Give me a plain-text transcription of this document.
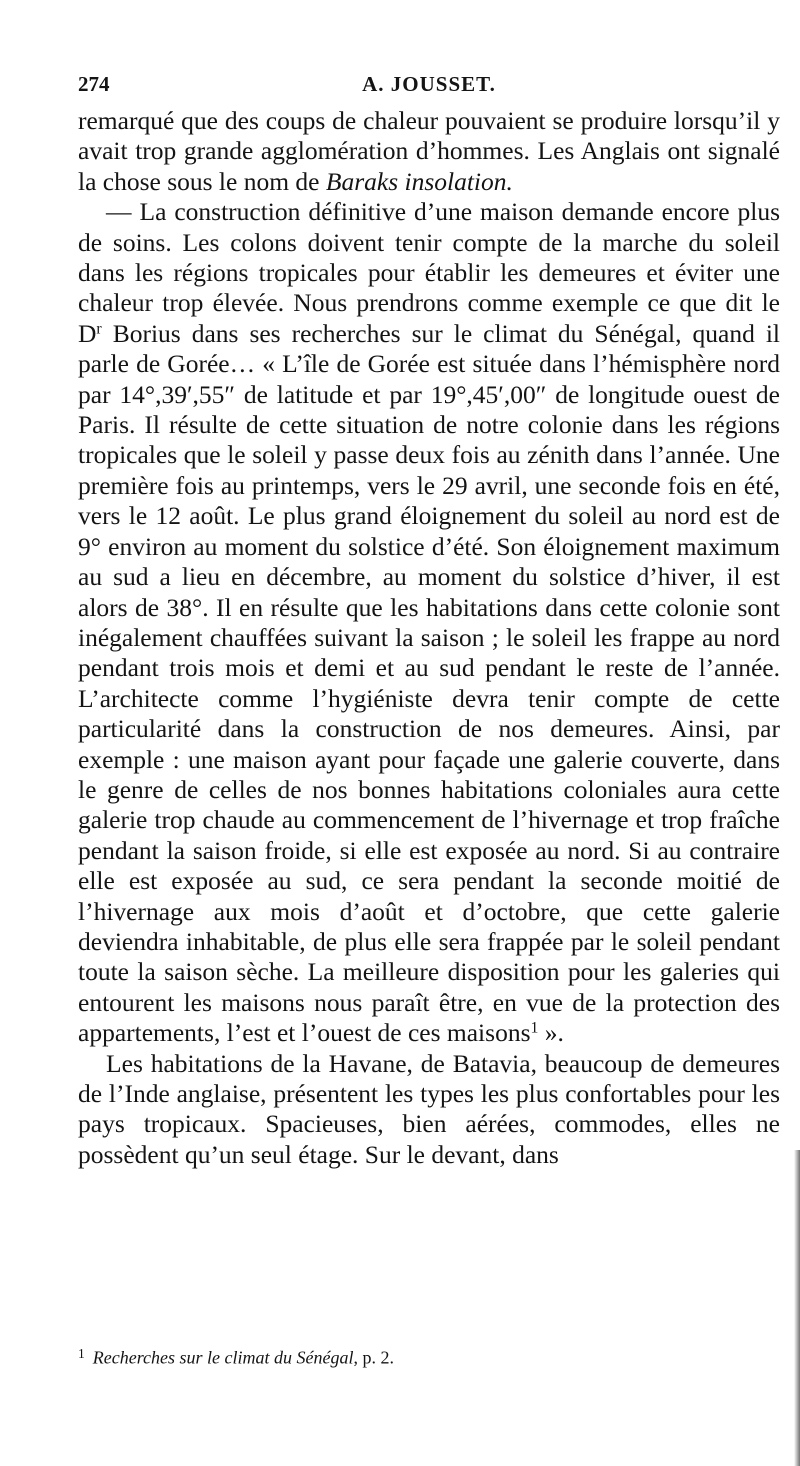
274	A. JOUSSET.

remarqué que des coups de chaleur pouvaient se produire lorsqu’il y avait trop grande agglomération d’hommes. Les Anglais ont signalé la chose sous le nom de Baraks insolation.

— La construction définitive d’une maison demande encore plus de soins. Les colons doivent tenir compte de la marche du soleil dans les régions tropicales pour établir les demeures et éviter une chaleur trop élevée. Nous prendrons comme exemple ce que dit le $D^r$ Borius dans ses recherches sur le climat du Sénégal, quand il parle de Gorée… « L’île de Gorée est située dans l’hémisphère nord par 14°,39′,55″ de latitude et par 19°,45′,00″ de longitude ouest de Paris. Il résulte de cette situation de notre colonie dans les régions tropicales que le soleil y passe deux fois au zénith dans l’année. Une première fois au printemps, vers le 29 avril, une seconde fois en été, vers le 12 août. Le plus grand éloignement du soleil au nord est de 9° environ au moment du solstice d’été. Son éloignement maximum au sud a lieu en décembre, au moment du solstice d’hiver, il est alors de 38°. Il en résulte que les habitations dans cette colonie sont inégalement chauffées suivant la saison ; le soleil les frappe au nord pendant trois mois et demi et au sud pendant le reste de l’année. L’architecte comme l’hygiéniste devra tenir compte de cette particularité dans la construction de nos demeures. Ainsi, par exemple : une maison ayant pour façade une galerie couverte, dans le genre de celles de nos bonnes habitations coloniales aura cette galerie trop chaude au commencement de l’hivernage et trop fraîche pendant la saison froide, si elle est exposée au nord. Si au contraire elle est exposée au sud, ce sera pendant la seconde moitié de l’hivernage aux mois d’août et d’octobre, que cette galerie deviendra inhabitable, de plus elle sera frappée par le soleil pendant toute la saison sèche. La meilleure disposition pour les galeries qui entourent les maisons nous paraît être, en vue de la protection des appartements, l’est et l’ouest de ces maisons$^1$ ».

Les habitations de la Havane, de Batavia, beaucoup de demeures de l’Inde anglaise, présentent les types les plus confortables pour les pays tropicaux. Spacieuses, bien aérées, commodes, elles ne possèdent qu’un seul étage. Sur le devant, dans

$^1$ Recherches sur le climat du Sénégal, p. 2.
